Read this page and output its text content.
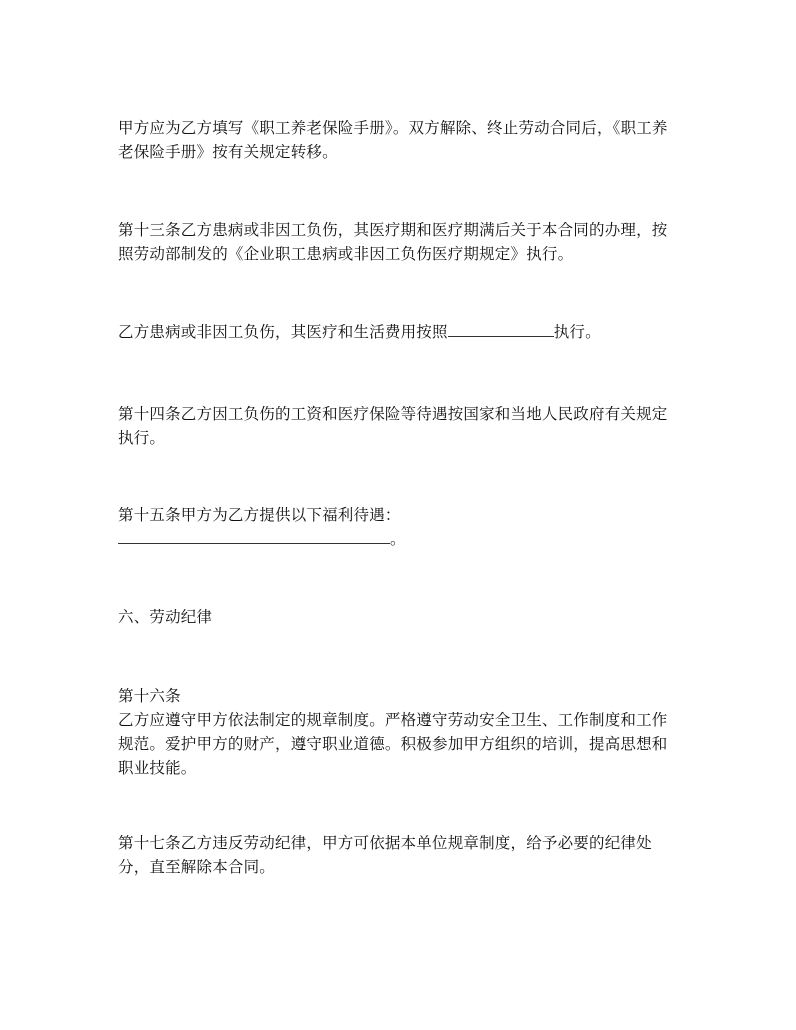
甲方应为乙方填写《职工养老保险手册》。双方解除、终止劳动合同后，《职工养老保险手册》按有关规定转移。

第十三条乙方患病或非因工负伤，其医疗期和医疗期满后关于本合同的办理，按照劳动部制发的《企业职工患病或非因工负伤医疗期规定》执行。

乙方患病或非因工负伤，其医疗和生活费用按照	执行。

第十四条乙方因工负伤的工资和医疗保险等待遇按国家和当地人民政府有关规定执行。

第十五条甲方为乙方提供以下福利待遇：
。

六、劳动纪律

第十六条
乙方应遵守甲方依法制定的规章制度。严格遵守劳动安全卫生、工作制度和工作规范。爱护甲方的财产，遵守职业道德。积极参加甲方组织的培训，提高思想和职业技能。

第十七条乙方违反劳动纪律，甲方可依据本单位规章制度，给予必要的纪律处分，直至解除本合同。
